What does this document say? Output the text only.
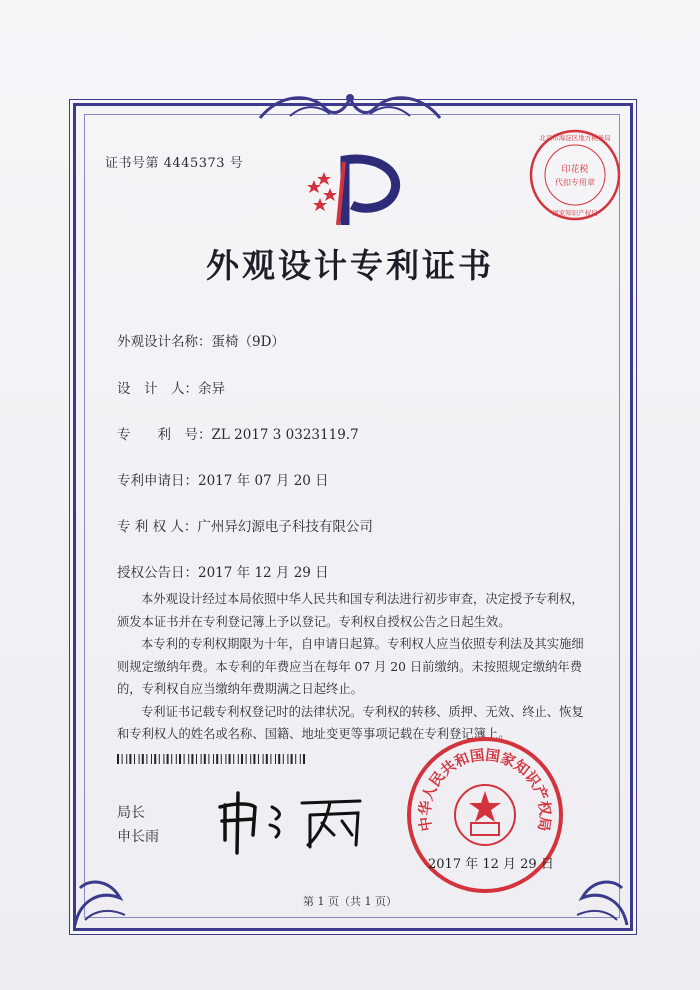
证书号第 4445373 号
北京市海淀区地方税务局
印花税
代扣专用章
国家知识产权局
外观设计专利证书
外观设计名称：蛋椅（9D）
设　计　人：余异
专　　利　号：ZL 2017 3 0323119.7
专利申请日：2017 年 07 月 20 日
专 利 权 人：广州异幻源电子科技有限公司
授权公告日：2017 年 12 月 29 日

本外观设计经过本局依照中华人民共和国专利法进行初步审查，决定授予专利权，颁发本证书并在专利登记簿上予以登记。专利权自授权公告之日起生效。

本专利的专利权期限为十年，自申请日起算。专利权人应当依照专利法及其实施细则规定缴纳年费。本专利的年费应当在每年 07 月 20 日前缴纳。未按照规定缴纳年费的，专利权自应当缴纳年费期满之日起终止。

专利证书记载专利权登记时的法律状况。专利权的转移、质押、无效、终止、恢复和专利权人的姓名或名称、国籍、地址变更等事项记载在专利登记簿上。

局长
申长雨
中华人民共和国国家知识产权局
2017 年 12 月 29 日
第 1 页（共 1 页）
